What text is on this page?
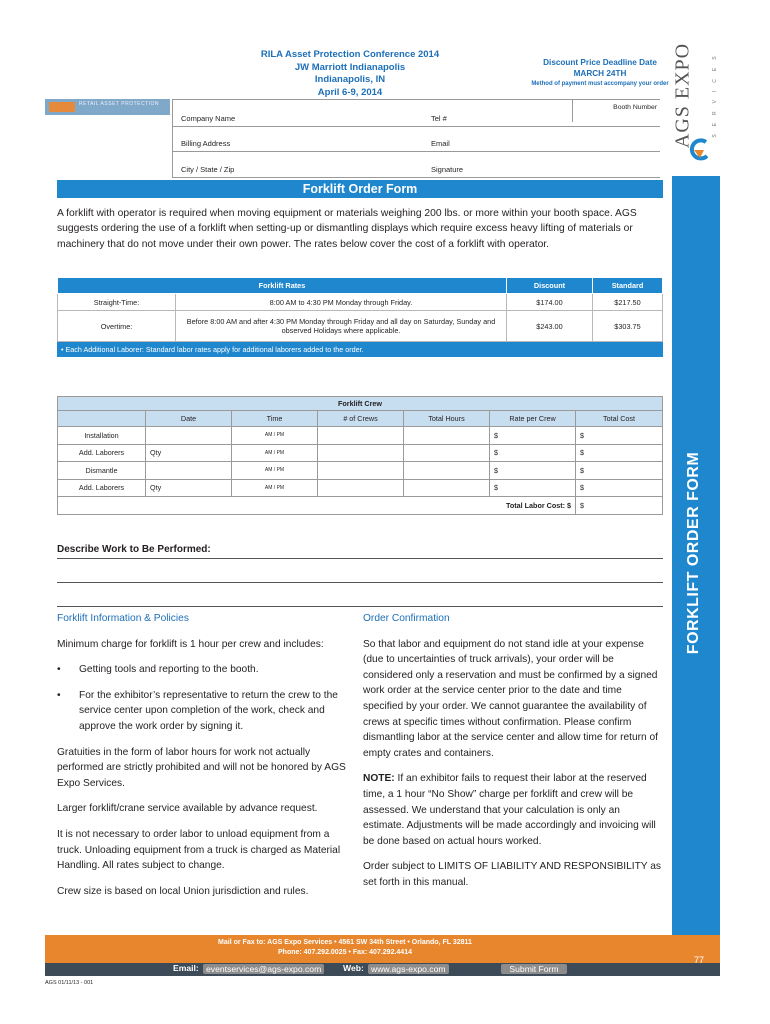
RILA Asset Protection Conference 2014
JW Marriott Indianapolis
Indianapolis, IN
April 6-9, 2014
Discount Price Deadline Date
MARCH 24TH
Method of payment must accompany your order
RETAIL ASSET PROTECTION	AGS EXPO	SERVICES
Company Name	Tel #
Booth Number
Billing Address	Email
City / State / Zip	Signature
Forklift Order Form
A forklift with operator is required when moving equipment or materials weighing 200 lbs. or more within your booth space. AGS suggests ordering the use of a forklift when setting-up or dismantling displays which require excess heavy lifting of materials or machinery that do not move under their own power. The rates below cover the cost of a forklift with operator.
Forklift Rates		Discount	Standard
Straight-Time:	8:00 AM to 4:30 PM Monday through Friday.	$174.00	$217.50
Overtime:	Before 8:00 AM and after 4:30 PM Monday through Friday and all day on Saturday, Sunday and observed Holidays where applicable.	$243.00	$303.75
• Each Additional Laborer: Standard labor rates apply for additional laborers added to the order.
Forklift Crew						
	Date	Time	# of Crews	Total Hours	Rate per Crew	Total Cost
Installation		AM / PM			$	$
Add. Laborers	Qty	AM / PM			$	$
Dismantle		AM / PM			$	$
Add. Laborers	Qty	AM / PM			$	$
Total Labor Cost: $						$
Describe Work to Be Performed:

Forklift Information & Policies

Minimum charge for forklift is 1 hour per crew and includes:

• Getting tools and reporting to the booth.

• For the exhibitor’s representative to return the crew to the service center upon completion of the work, check and approve the work order by signing it.

Gratuities in the form of labor hours for work not actually performed are strictly prohibited and will not be honored by AGS Expo Services.

Larger forklift/crane service available by advance request.

It is not necessary to order labor to unload equipment from a truck. Unloading equipment from a truck is charged as Material Handling. All rates subject to change.

Crew size is based on local Union jurisdiction and rules.

Order Confirmation

So that labor and equipment do not stand idle at your expense (due to uncertainties of truck arrivals), your order will be considered only a reservation and must be confirmed by a signed work order at the service center prior to the date and time specified by your order. We cannot guarantee the availability of crews at specific times without confirmation. Please confirm dismantling labor at the service center and allow time for return of empty crates and containers.

NOTE: If an exhibitor fails to request their labor at the reserved time, a 1 hour “No Show” charge per forklift and crew will be assessed. We understand that your calculation is only an estimate. Adjustments will be made accordingly and invoicing will be done based on actual hours worked.

Order subject to LIMITS OF LIABILITY AND RESPONSIBILITY as set forth in this manual.

FORKLIFT ORDER FORM
Mail or Fax to: AGS Expo Services • 4561 SW 34th Street • Orlando, FL 32811
Phone: 407.292.0025 • Fax: 407.292.4414
Email: eventservices@ags-expo.com	Web: www.ags-expo.com	Submit Form
77
AGS 01/11/13 - 001
